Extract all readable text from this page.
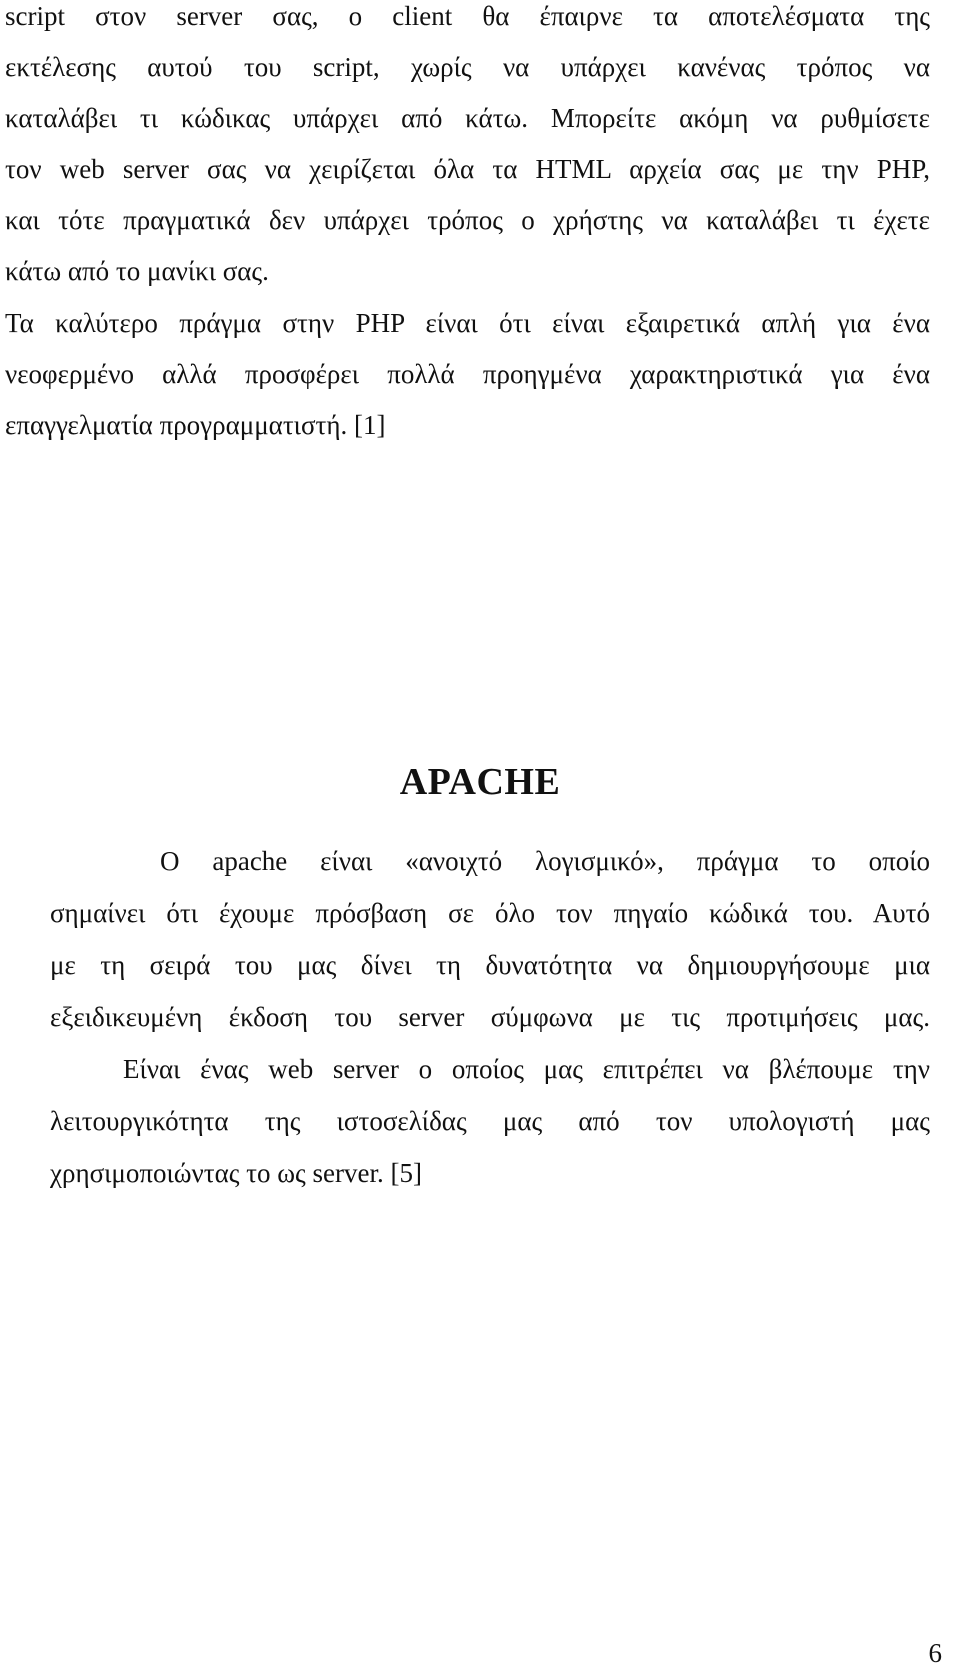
script στον server σας, ο client θα έπαιρνε τα αποτελέσματα της
εκτέλεσης αυτού του script, χωρίς να υπάρχει κανένας τρόπος να
καταλάβει τι κώδικας υπάρχει από κάτω. Μπορείτε ακόμη να ρυθμίσετε
τον web server σας να χειρίζεται όλα τα HTML αρχεία σας με την PHP,
και τότε πραγματικά δεν υπάρχει τρόπος ο χρήστης να καταλάβει τι έχετε
κάτω από το μανίκι σας.
Τα καλύτερο πράγμα στην PHP είναι ότι είναι εξαιρετικά απλή για ένα
νεοφερμένο αλλά προσφέρει πολλά προηγμένα χαρακτηριστικά για ένα
επαγγελματία προγραμματιστή. [1]
APACHE
Ο apache είναι «ανοιχτό λογισμικό», πράγμα το οποίο
σημαίνει ότι έχουμε πρόσβαση σε όλο τον πηγαίο κώδικά του. Αυτό
με τη σειρά του μας δίνει τη δυνατότητα να δημιουργήσουμε μια
εξειδικευμένη έκδοση του server σύμφωνα με τις προτιμήσεις μας.
Είναι ένας web server ο οποίος μας επιτρέπει να βλέπουμε την
λειτουργικότητα της ιστοσελίδας μας από τον υπολογιστή μας
χρησιμοποιώντας το ως server. [5]
6
